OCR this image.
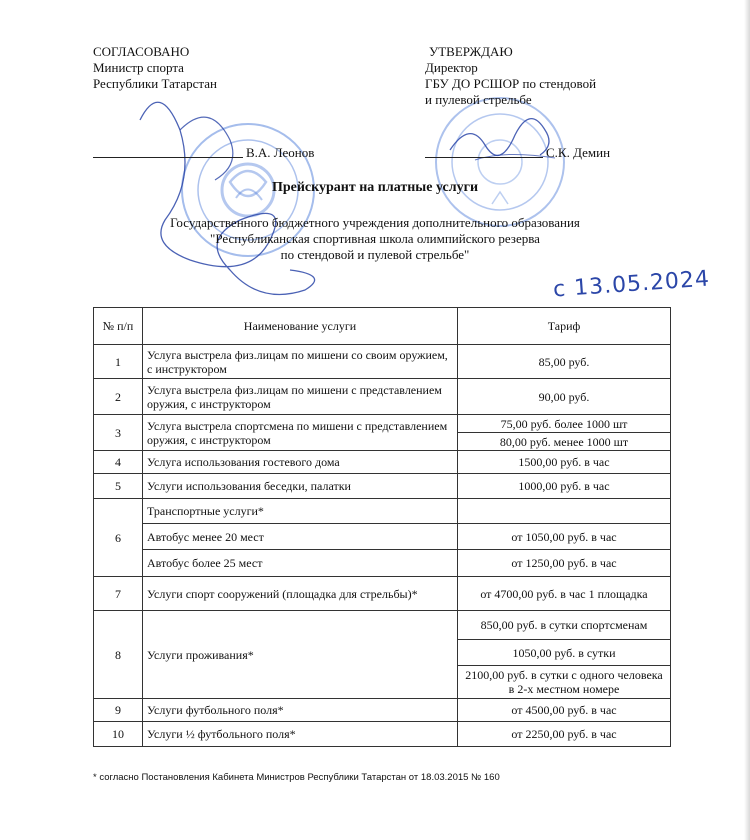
СОГЛАСОВАНО
Министр спорта
Республики Татарстан
В.А. Леонов
УТВЕРЖДАЮ
Директор
ГБУ ДО РСШОР по стендовой
и пулевой стрельбе
С.К. Демин
Прейскурант на платные услуги
Государственного бюджетного учреждения дополнительного образования
"Республиканская спортивная школа олимпийского резерва
по стендовой и пулевой стрельбе"
с 13.05.2024
№ п/п	Наименование услуги	Тариф
1	Услуга выстрела физ.лицам по мишени со своим оружием, с инструктором	85,00 руб.
2	Услуга выстрела физ.лицам по мишени с представлением оружия, с инструктором	90,00 руб.
3	Услуга выстрела спортсмена по мишени с представлением оружия, с инструктором	75,00 руб. более 1000 шт
		80,00 руб. менее 1000 шт
4	Услуга использования гостевого дома	1500,00 руб. в час
5	Услуги использования беседки, палатки	1000,00 руб. в час
6	Транспортные услуги*	
	Автобус менее 20 мест	от 1050,00 руб. в час
	Автобус более 25 мест	от 1250,00 руб. в час
7	Услуги спорт сооружений (площадка для стрельбы)*	от 4700,00 руб. в час 1 площадка
8	Услуги проживания*	850,00 руб. в сутки спортсменам
		1050,00 руб. в сутки
		2100,00 руб. в сутки с одного человека в 2-х местном номере
9	Услуги футбольного поля*	от 4500,00 руб. в час
10	Услуги ½ футбольного поля*	от 2250,00 руб. в час
* согласно Постановления Кабинета Министров Республики Татарстан от 18.03.2015 № 160
